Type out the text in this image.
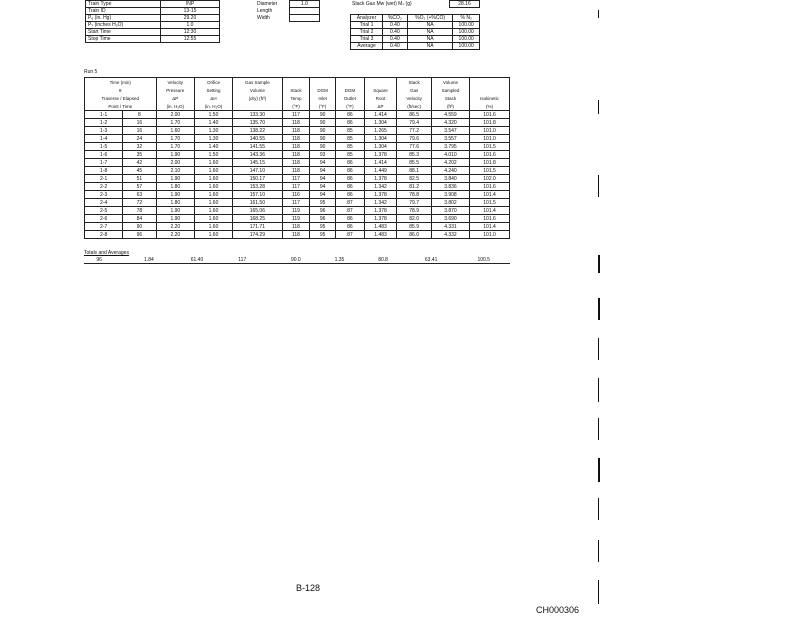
Train Type	INP
Train ID	13-15
P₆ (in. Hg)	29.20
Pₛ (inches H₂O)	1.0
Start Time	12:30
Stop Time	12:55
Diameter	1.0
Length	
Width	
Stack Gas Mw (wet) Mₛ (g)	28.16
Analyzer	%CO₂	%O₂ (+%CO)	% N₂
Trial 1	0.40	NA	100.00
Trial 2	0.40	NA	100.00
Trial 3	0.40	NA	100.00
Average	0.40	NA	100.00
Run 5
Time (min)		Velocity	Orifice	Gas Sample					Stack	Volume	
8		Pressure	Setting	Volume	Stack	DGM	DGM	Square	Gas	Sampled	
Traverse / Elapsed		ΔP	ΔH	(dry) (ft³)	Temp	Inlet	Outlet	Root	Velocity	Stack	Isokinetic
Point / Time		(in. H₂O)	(in. H₂O)		(°F)	(°F)	(°F)	ΔP	(ft/sec)	(ft³)	(%)
1-1	8	2.00	1.50	133.30	117	90	86	1.414	86.5	4.559	101.6
1-2	16	1.70	1.40	135.70	118	90	86	1.304	79.4	4.320	101.8
1-3	16	1.60	1.30	138.22	118	90	85	1.265	77.2	3.547	101.0
1-4	24	1.70	1.30	140.55	118	90	85	1.304	79.6	3.557	101.0
1-5	32	1.70	1.40	141.55	118	90	85	1.304	77.6	3.795	101.5
1-6	35	1.90	1.50	143.36	118	93	85	1.378	85.3	4.010	101.6
1-7	42	2.00	1.60	145.15	118	94	86	1.414	85.5	4.202	101.8
1-8	45	2.10	1.60	147.10	118	94	86	1.449	88.1	4.240	101.5
2-1	51	1.90	1.60	150.17	117	94	86	1.378	82.5	3.840	102.0
2-2	57	1.80	1.60	153.28	117	94	86	1.342	81.2	3.836	101.6
2-3	63	1.90	1.60	157.10	116	94	86	1.378	78.8	3.908	101.4
2-4	72	1.80	1.60	161.50	117	95	87	1.342	79.7	3.802	101.5
2-5	78	1.90	1.60	165.06	119	96	87	1.378	78.9	3.870	101.4
2-6	84	1.90	1.60	168.25	119	96	86	1.378	82.0	3.690	101.6
2-7	90	2.20	1.60	171.71	118	95	86	1.483	85.9	4.331	101.4
2-8	96	2.20	1.60	174.29	118	95	87	1.483	86.0	4.332	101.0
Totals and Averages
96		1.84	61.40	117		90.0	1.35	80.8	63.41	100.5
B-128
CH000306
